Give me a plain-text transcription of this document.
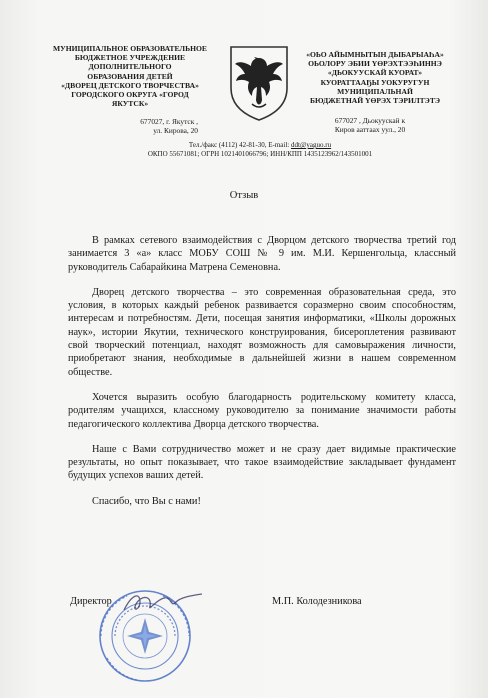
МУНИЦИПАЛЬНОЕ ОБРАЗОВАТЕЛЬНОЕ
БЮДЖЕТНОЕ УЧРЕЖДЕНИЕ
ДОПОЛНИТЕЛЬНОГО
ОБРАЗОВАНИЯ ДЕТЕЙ
«ДВОРЕЦ ДЕТСКОГО ТВОРЧЕСТВА»
ГОРОДСКОГО ОКРУГА «ГОРОД
ЯКУТСК»
677027, г. Якутск ,
ул. Кирова, 20
«ОЬО АЙЫМНЫТЫН ДЫБАРЫАҺА»
ОЬОЛОРУ ЭБИИ ҮӨРЭХТЭЭҺИННЭ
«ДЬОКУУСКАЙ КУОРАТ»
КУОРАТТААҔЫ УОКУРУГУН
МУНИЦИПАЛЬНАЙ
БЮДЖЕТНАЙ ҮӨРЭХ ТЭРИЛТЭТЭ
677027 , Дьокуускай к
Киров ааттаах уул., 20
Тел./факс (4112) 42-81-30, E-mail: ddt@yaguo.ru
ОКПО 55671081; ОГРН 1021401066796; ИНН/КПП 1435123962/143501001
Отзыв

В рамках сетевого взаимодействия с Дворцом детского творчества третий год занимается 3 «а» класс МОБУ СОШ № 9 им. М.И. Кершенгольца, классный руководитель Сабарайкина Матрена Семеновна.

Дворец детского творчества – это современная образовательная среда, это условия, в которых каждый ребенок развивается соразмерно своим способностям, интересам и потребностям. Дети, посещая занятия информатики, «Школы дорожных наук», истории Якутии, технического конструирования, бисероплетения развивают свой творческий потенциал, находят возможность для самовыражения личности, приобретают знания, необходимые в дальнейшей жизни в нашем современном обществе.

Хочется выразить особую благодарность родительскому комитету класса, родителям учащихся, классному руководителю за понимание значимости работы педагогического коллектива Дворца детского творчества.

Наше с Вами сотрудничество может и не сразу дает видимые практические результаты, но опыт показывает, что такое взаимодействие закладывает фундамент будущих успехов ваших детей.

Спасибо, что Вы с нами!

Директор	М.П. Колодезникова
